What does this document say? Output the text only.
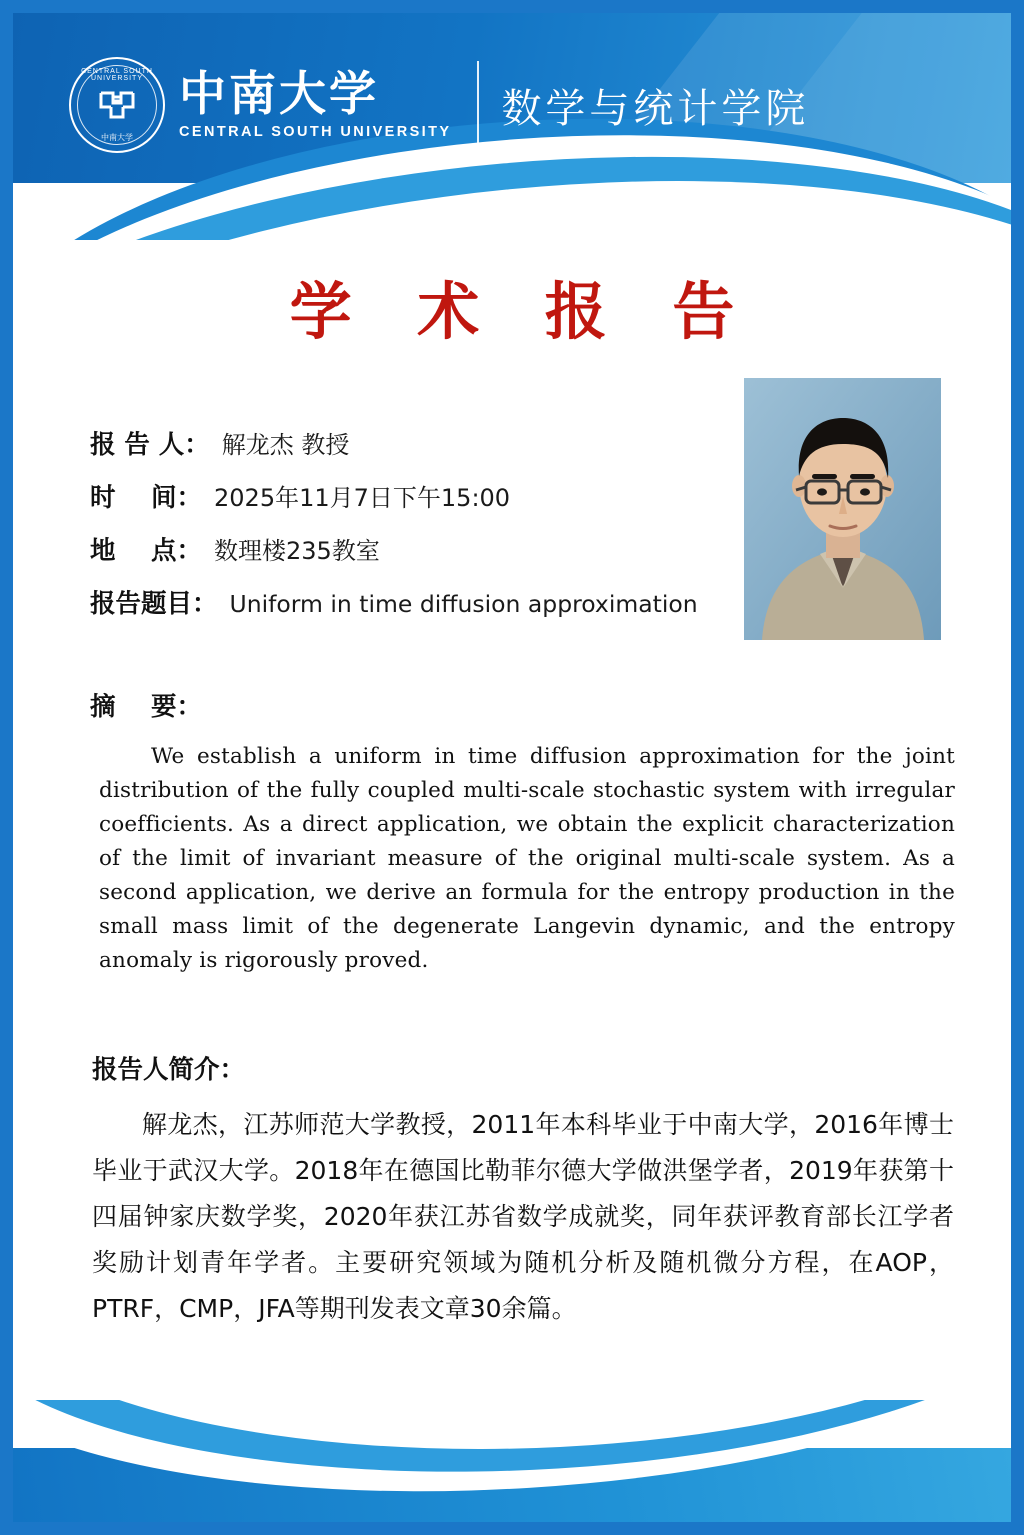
CENTRAL SOUTH UNIVERSITY
中南大学
中南大学
CENTRAL SOUTH UNIVERSITY
数学与统计学院
学 术 报 告
报 告 人： 解龙杰 教授
时    间： 2025年11月7日下午15:00
地    点： 数理楼235教室
报告题目： Uniform in time diffusion approximation
摘    要：
We establish a uniform in time diffusion approximation for the joint distribution of the fully coupled multi‑scale stochastic system with irregular coefficients. As a direct application, we obtain the explicit characterization of the limit of invariant measure of the original multi‑scale system. As a second application, we derive an formula for the entropy production in the small mass limit of the degenerate Langevin dynamic, and the entropy anomaly is rigorously proved.
报告人简介：
解龙杰，江苏师范大学教授，2011年本科毕业于中南大学，2016年博士毕业于武汉大学。2018年在德国比勒菲尔德大学做洪堡学者，2019年获第十四届钟家庆数学奖，2020年获江苏省数学成就奖，同年获评教育部长江学者奖励计划青年学者。主要研究领域为随机分析及随机微分方程，在AOP，PTRF，CMP，JFA等期刊发表文章30余篇。
